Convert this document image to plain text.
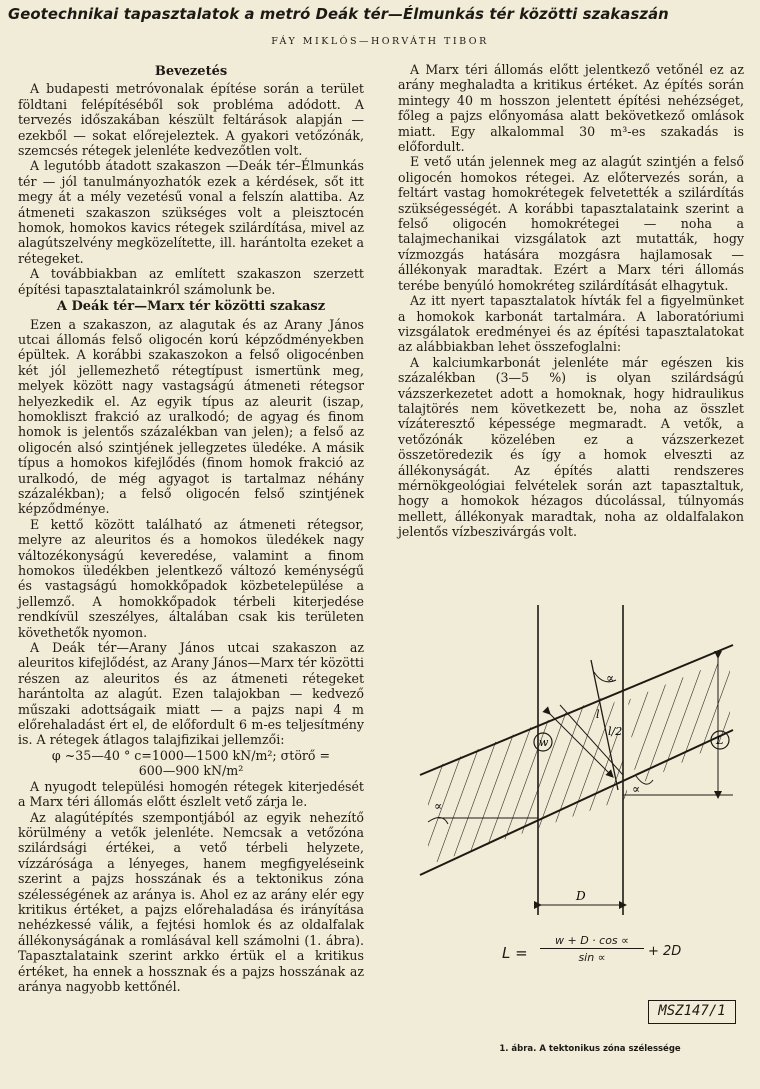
Geotechnikai tapasztalatok a metró Deák tér—Élmunkás tér közötti szakaszán
FÁY MIKLÓS—HORVÁTH TIBOR
Bevezetés

A budapesti metróvonalak építése során a terület földtani felépítéséből sok probléma adódott. A tervezés időszakában készült feltárások alapján — ezekből — sokat előrejeleztek. A gyakori vetőzónák, szemcsés rétegek jelenléte kedvezőtlen volt.

A legutóbb átadott szakaszon —Deák tér–Élmunkás tér — jól tanulmányozhatók ezek a kérdések, sőt itt megy át a mély vezetésű vonal a felszín alattiba. Az átmeneti szakaszon szükséges volt a pleisztocén homok, homokos kavics rétegek szilárdítása, mivel az alagútszelvény megközelítette, ill. harántolta ezeket a rétegeket.

A továbbiakban az említett szakaszon szerzett építési tapasztalatainkról számolunk be.

A Deák tér—Marx tér közötti szakasz

Ezen a szakaszon, az alagutak és az Arany János utcai állomás felső oligocén korú képződményekben épültek. A korábbi szakaszokon a felső oligocénben két jól jellemezhető rétegtípust ismertünk meg, melyek között nagy vastagságú átmeneti rétegsor helyezkedik el. Az egyik típus az aleurit (iszap, homokliszt frakció az uralkodó; de agyag és finom homok is jelentős százalékban van jelen); a felső az oligocén alsó szintjének jellegzetes üledéke. A másik típus a homokos kifejlődés (finom homok frakció az uralkodó, de még agyagot is tartalmaz néhány százalékban); a felső oligocén felső szintjének képződménye.

E kettő között található az átmeneti rétegsor, melyre az aleuritos és a homokos üledékek nagy változékonyságú keveredése, valamint a finom homokos üledékben jelentkező változó keménységű és vastagságú homokkőpadok közbetelepülése a jellemző. A homokkőpadok térbeli kiterjedése rendkívül szeszélyes, általában csak kis területen követhetők nyomon.

A Deák tér—Arany János utcai szakaszon az aleuritos kifejlődést, az Arany János—Marx tér közötti részen az aleuritos és az átmeneti rétegeket harántolta az alagút. Ezen talajokban — kedvező műszaki adottságaik miatt — a pajzs napi 4 m előrehaladást ért el, de előfordult 6 m-es teljesítmény is. A rétegek átlagos talajfizikai jellemzői:

φ ~35—40 ° c=1000—1500 kN/m²; σtörő =

600—900 kN/m²

A nyugodt települési homogén rétegek kiterjedését a Marx téri állomás előtt észlelt vető zárja le.

Az alagútépítés szempontjából az egyik nehezítő körülmény a vetők jelenléte. Nemcsak a vetőzóna szilárdsági értékei, a vető térbeli helyzete, vízzárósága a lényeges, hanem megfigyeléseink szerint a pajzs hosszának és a tektonikus zóna szélességének az aránya is. Ahol ez az arány elér egy kritikus értéket, a pajzs előrehaladása és irányítása nehézkessé válik, a fejtési homlok és az oldalfalak állékonyságának a romlásával kell számolni (1. ábra). Tapasztalataink szerint arkko értük el a kritikus értéket, ha ennek a hossznak és a pajzs hosszának az aránya nagyobb kettőnél.

A Marx téri állomás előtt jelentkező vetőnél ez az arány meghaladta a kritikus értéket. Az építés során mintegy 40 m hosszon jelentett építési nehézséget, főleg a pajzs előnyomása alatt bekövetkező omlások miatt. Egy alkalommal 30 m³-es szakadás is előfordult.

E vető után jelennek meg az alagút szintjén a felső oligocén homokos rétegei. Az előtervezés során, a feltárt vastag homokrétegek felvetették a szilárdítás szükségességét. A korábbi tapasztalataink szerint a felső oligocén homokrétegei — noha a talajmechanikai vizsgálatok azt mutatták, hogy vízmozgás hatására mozgásra hajlamosak — állékonyak maradtak. Ezért a Marx téri állomás terébe benyúló homokréteg szilárdítását elhagytuk.

Az itt nyert tapasztalatok hívták fel a figyelmünket a homokok karbonát tartalmára. A laboratóriumi vizsgálatok eredményei és az építési tapasztalatokat az alábbiakban lehet összefoglalni:

A kalciumkarbonát jelenléte már egészen kis százalékban (3—5 %) is olyan szilárdságú vázszerkezetet adott a homoknak, hogy hidraulikus talajtörés nem következett be, noha az összlet vízáteresztő képessége megmaradt. A vetők, a vetőzónák közelében ez a vázszerkezet összetöredezik és így a homok elveszti az állékonyságát. Az építés alatti rendszeres mérnökgeológiai felvételek során azt tapasztaltuk, hogy a homokok hézagos dúcolással, túlnyomás mellett, állékonyak maradtak, noha az oldalfalakon jelentős vízbeszivárgás volt.

w
l
l/2
∝
∝
∝
L
D
$L = \frac{w + D \cdot \cos \propto}{\sin \propto} + 2D$
MSZ147/1
1. ábra. A tektonikus zóna szélessége
